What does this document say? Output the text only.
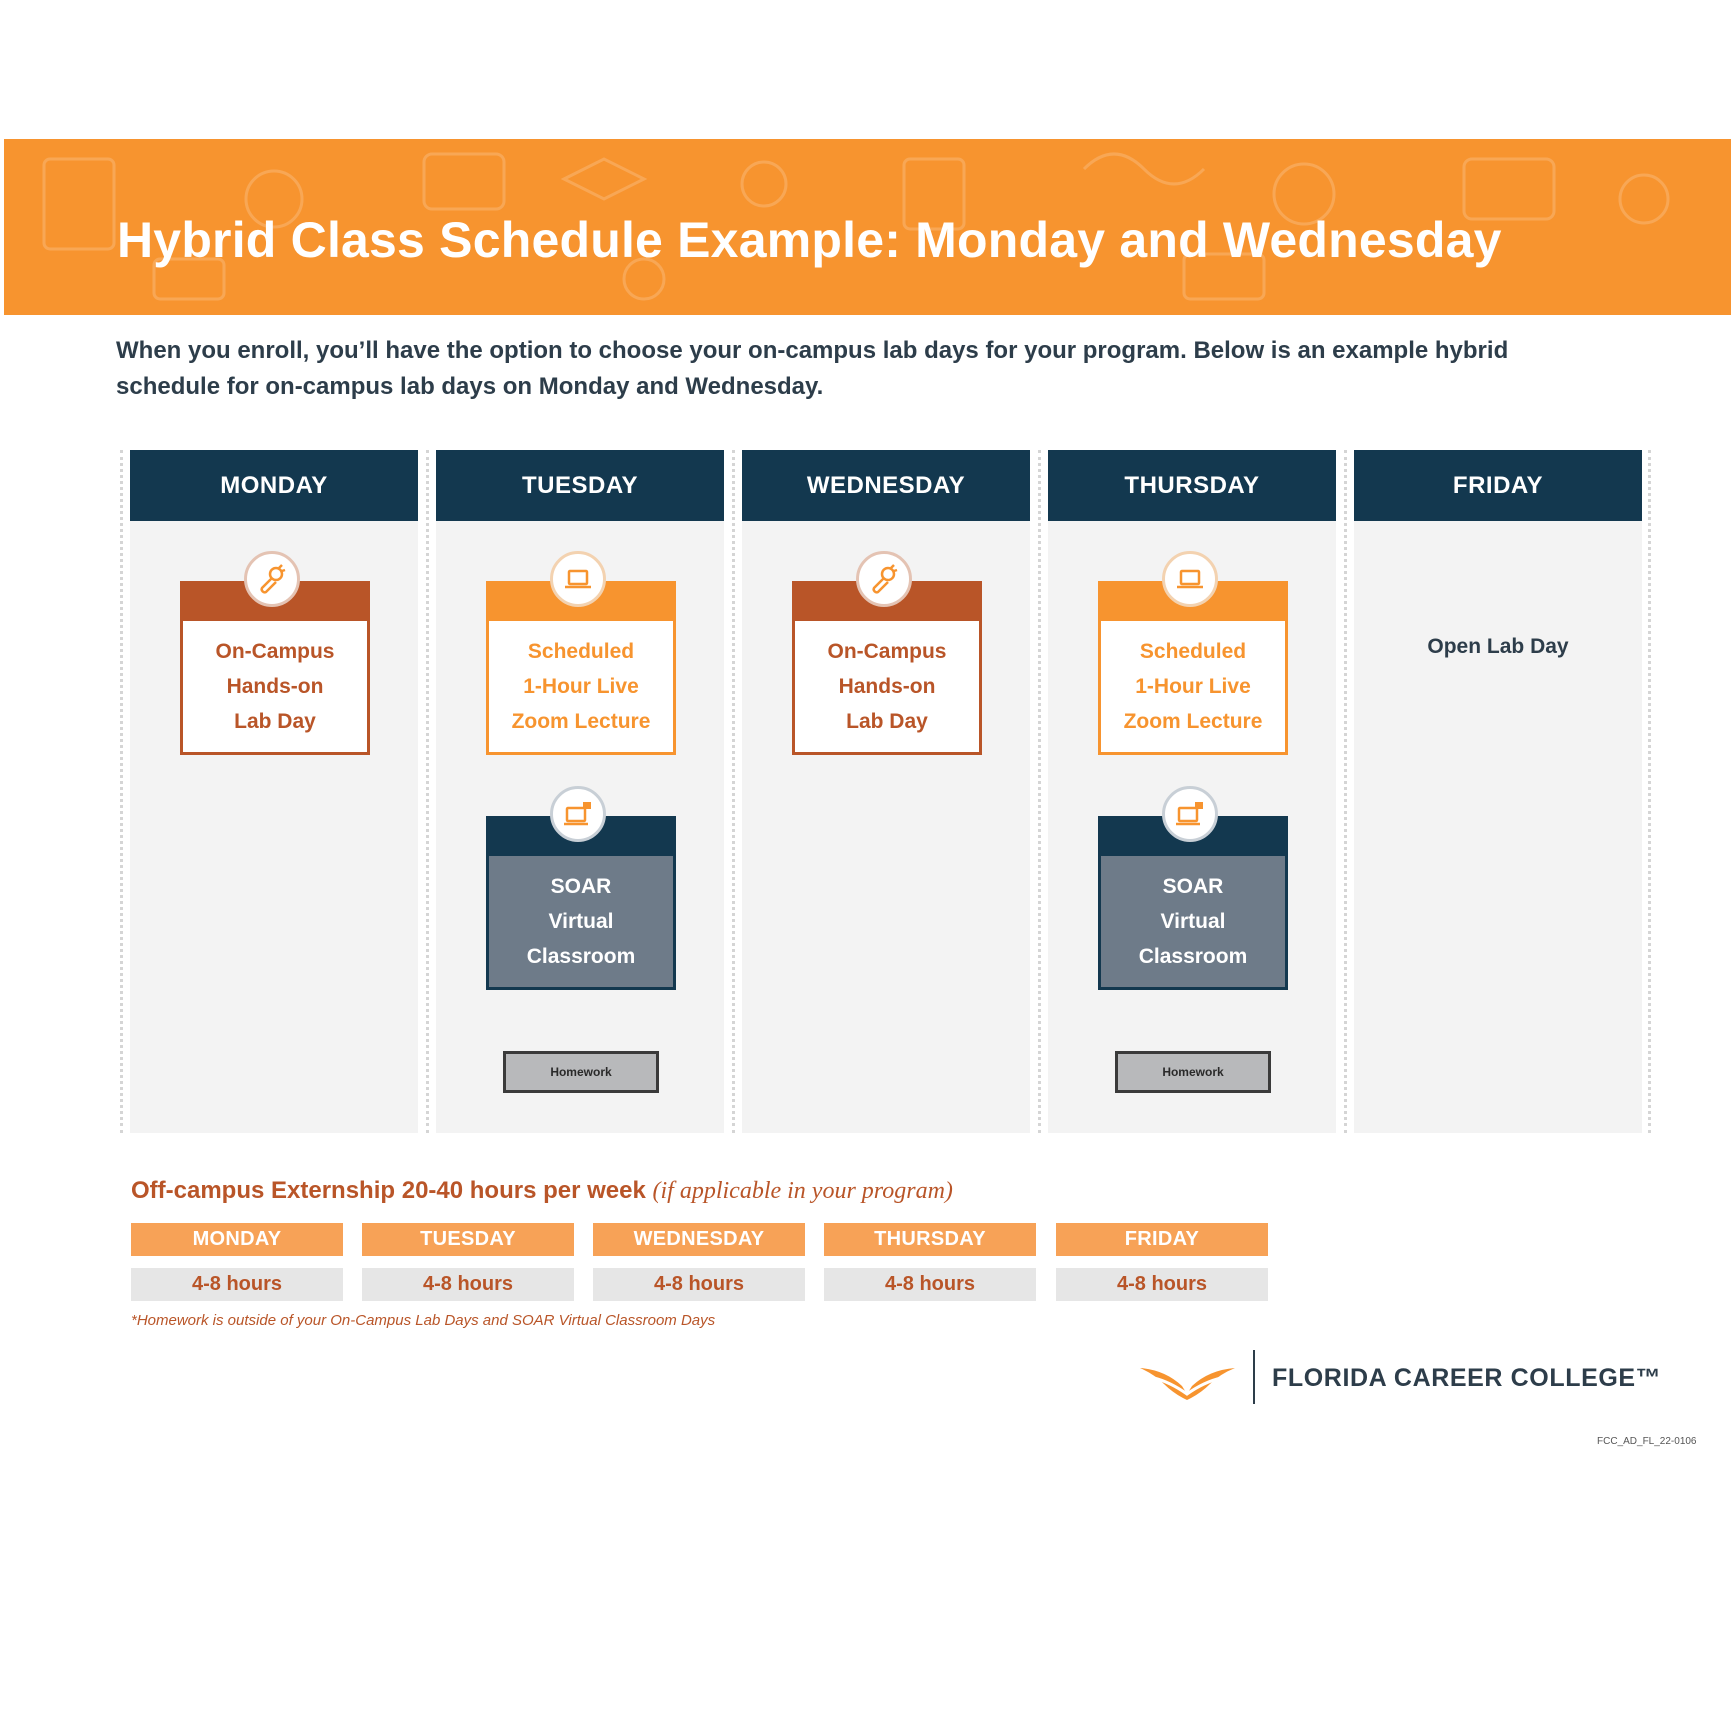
Hybrid Class Schedule Example: Monday and Wednesday
When you enroll, you’ll have the option to choose your on-campus lab days for your program. Below is an example hybrid schedule for on-campus lab days on Monday and Wednesday.
MONDAY
On-Campus
Hands-on
Lab Day
TUESDAY
Scheduled
1-Hour Live
Zoom Lecture
SOAR
Virtual
Classroom
Homework
WEDNESDAY
On-Campus
Hands-on
Lab Day
THURSDAY
Scheduled
1-Hour Live
Zoom Lecture
SOAR
Virtual
Classroom
Homework
FRIDAY
Open Lab Day
Off-campus Externship 20-40 hours per week (if applicable in your program)
MONDAY
4-8 hours
TUESDAY
4-8 hours
WEDNESDAY
4-8 hours
THURSDAY
4-8 hours
FRIDAY
4-8 hours
*Homework is outside of your On-Campus Lab Days and SOAR Virtual Classroom Days
FLORIDA CAREER COLLEGE™
FCC_AD_FL_22-0106
